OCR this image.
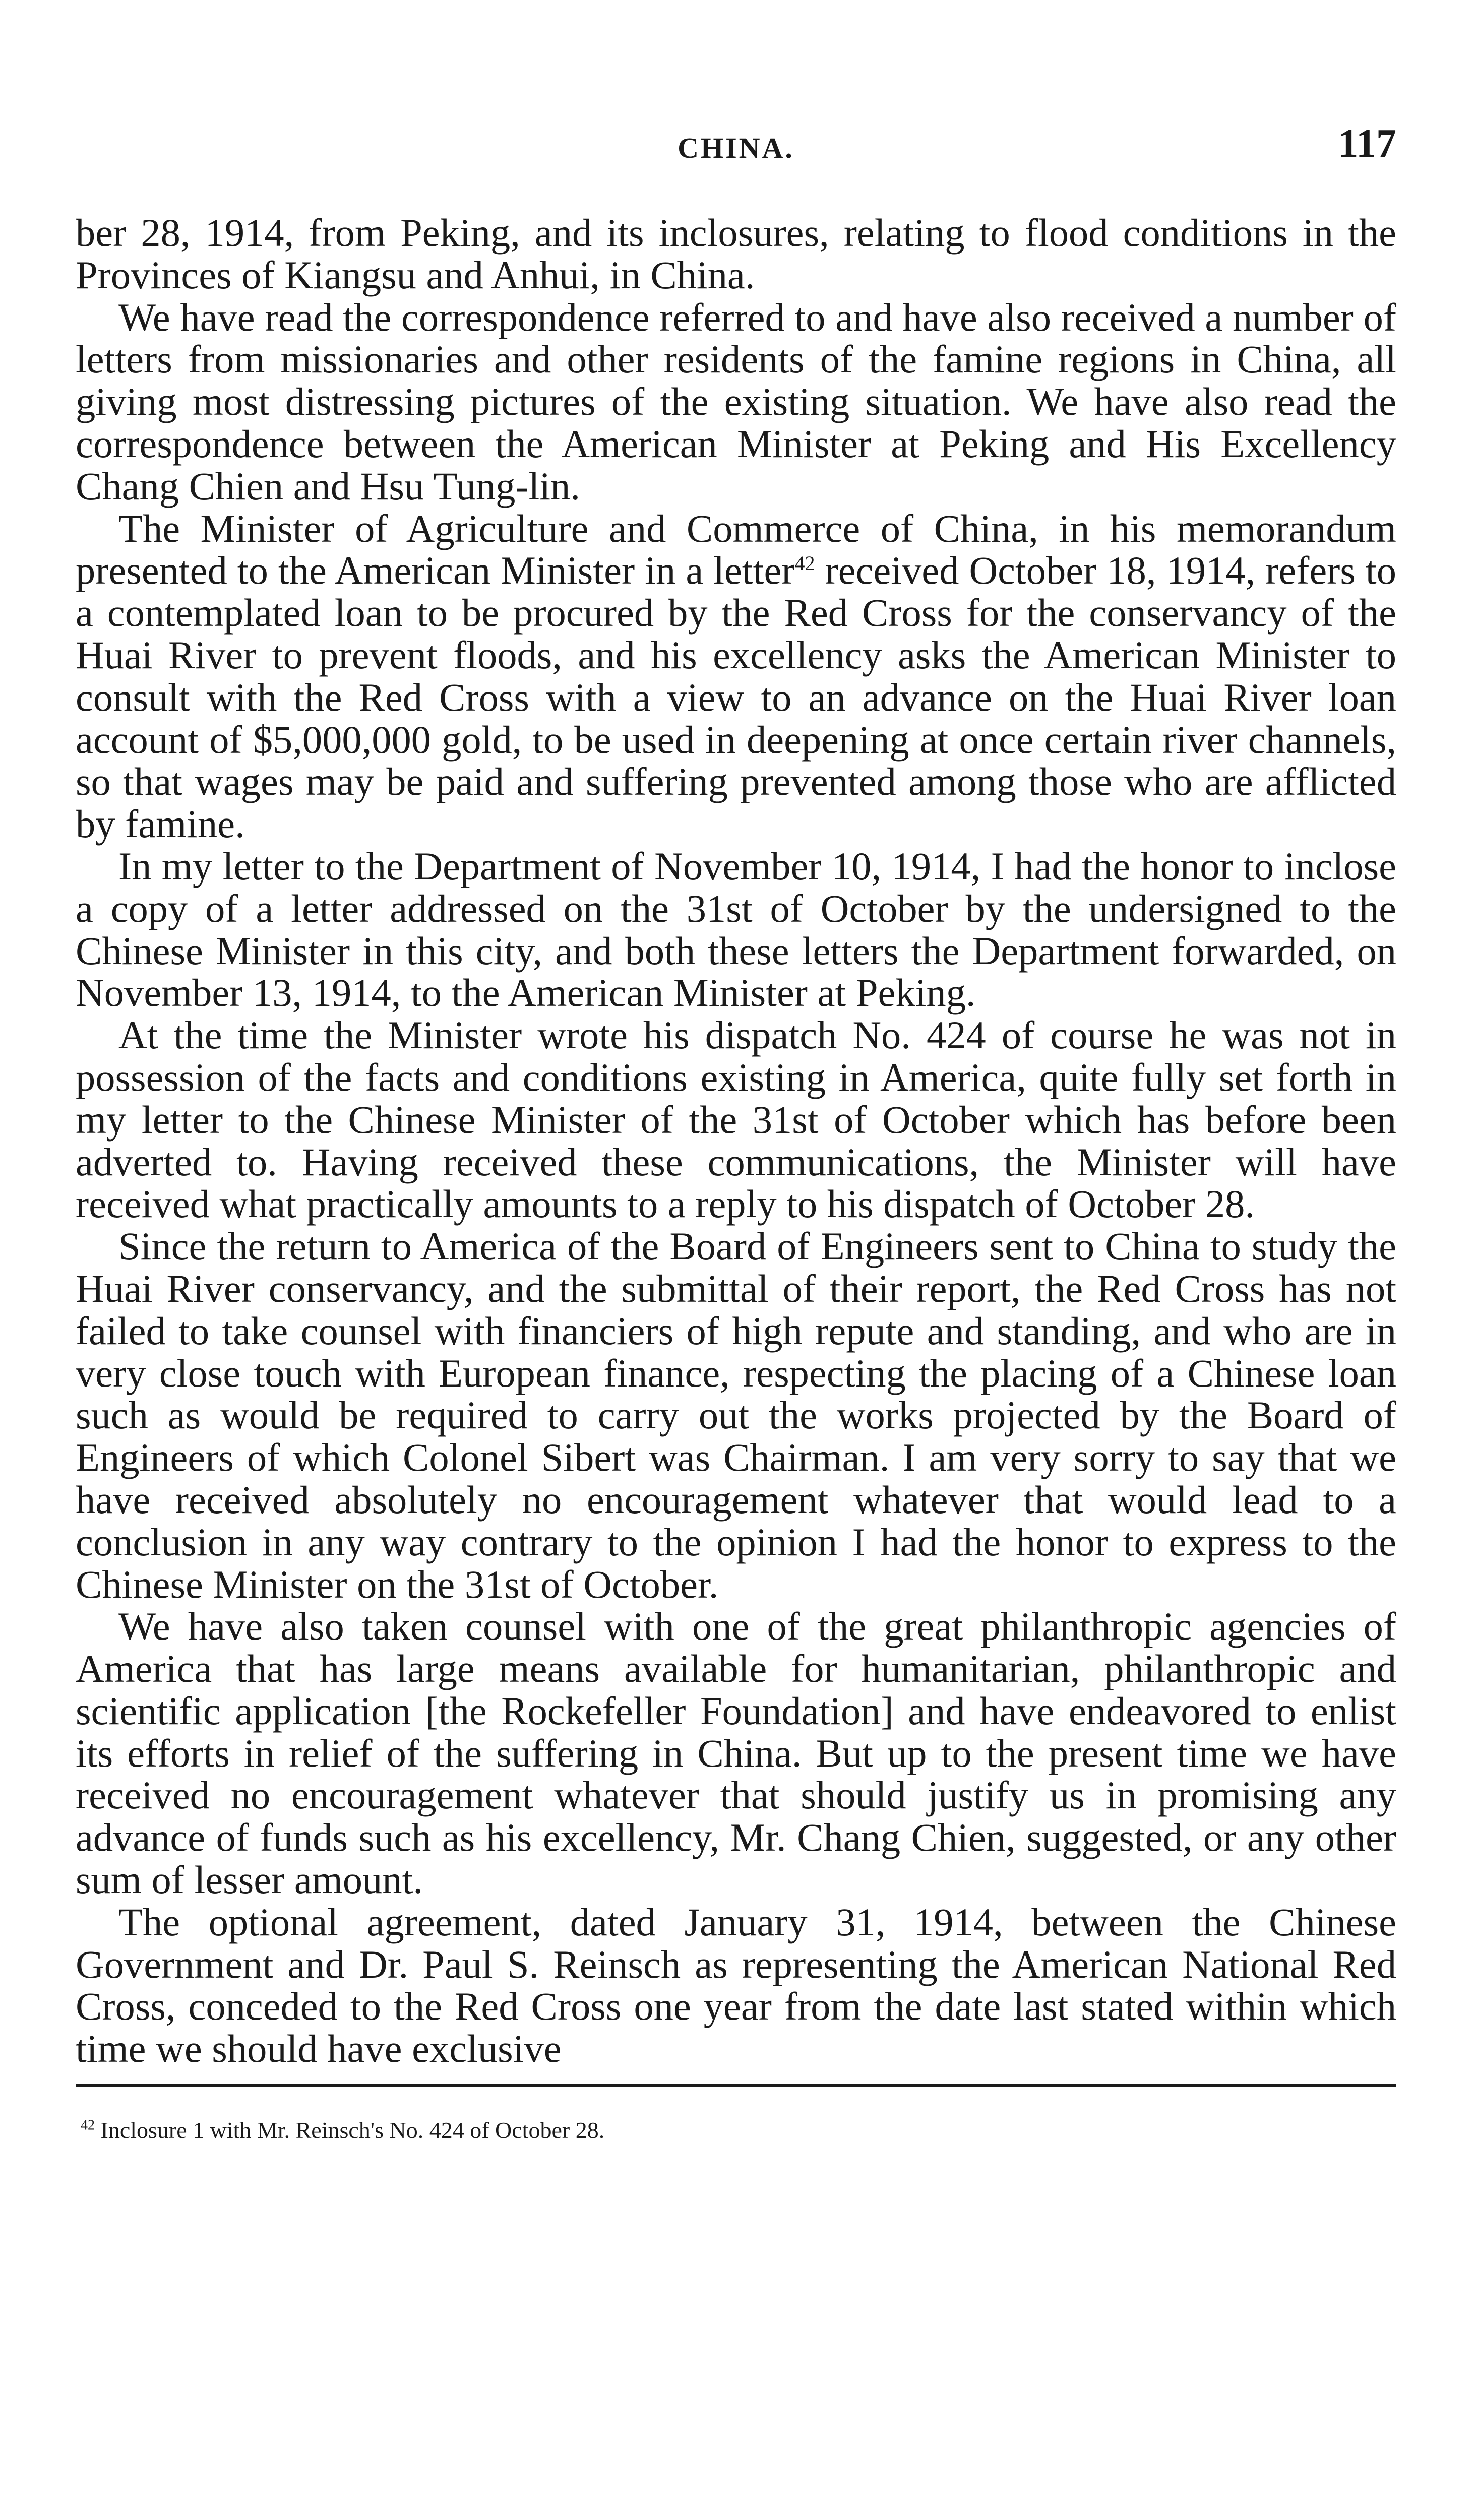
CHINA.	117

ber 28, 1914, from Peking, and its inclosures, relating to flood conditions in the Provinces of Kiangsu and Anhui, in China.

We have read the correspondence referred to and have also received a number of letters from missionaries and other residents of the famine regions in China, all giving most distressing pictures of the existing situation. We have also read the correspondence between the American Minister at Peking and His Excellency Chang Chien and Hsu Tung-lin.

The Minister of Agriculture and Commerce of China, in his memorandum presented to the American Minister in a letter$^{42}$ received October 18, 1914, refers to a contemplated loan to be procured by the Red Cross for the conservancy of the Huai River to prevent floods, and his excellency asks the American Minister to consult with the Red Cross with a view to an advance on the Huai River loan account of $5,000,000 gold, to be used in deepening at once certain river channels, so that wages may be paid and suffering prevented among those who are afflicted by famine.

In my letter to the Department of November 10, 1914, I had the honor to inclose a copy of a letter addressed on the 31st of October by the undersigned to the Chinese Minister in this city, and both these letters the Department forwarded, on November 13, 1914, to the American Minister at Peking.

At the time the Minister wrote his dispatch No. 424 of course he was not in possession of the facts and conditions existing in America, quite fully set forth in my letter to the Chinese Minister of the 31st of October which has before been adverted to. Having received these communications, the Minister will have received what practically amounts to a reply to his dispatch of October 28.

Since the return to America of the Board of Engineers sent to China to study the Huai River conservancy, and the submittal of their report, the Red Cross has not failed to take counsel with financiers of high repute and standing, and who are in very close touch with European finance, respecting the placing of a Chinese loan such as would be required to carry out the works projected by the Board of Engineers of which Colonel Sibert was Chairman. I am very sorry to say that we have received absolutely no encouragement whatever that would lead to a conclusion in any way contrary to the opinion I had the honor to express to the Chinese Minister on the 31st of October.

We have also taken counsel with one of the great philanthropic agencies of America that has large means available for humanitarian, philanthropic and scientific application [the Rockefeller Foundation] and have endeavored to enlist its efforts in relief of the suffering in China. But up to the present time we have received no encouragement whatever that should justify us in promising any advance of funds such as his excellency, Mr. Chang Chien, suggested, or any other sum of lesser amount.

The optional agreement, dated January 31, 1914, between the Chinese Government and Dr. Paul S. Reinsch as representing the American National Red Cross, conceded to the Red Cross one year from the date last stated within which time we should have exclusive

$^{42}$ Inclosure 1 with Mr. Reinsch's No. 424 of October 28.
